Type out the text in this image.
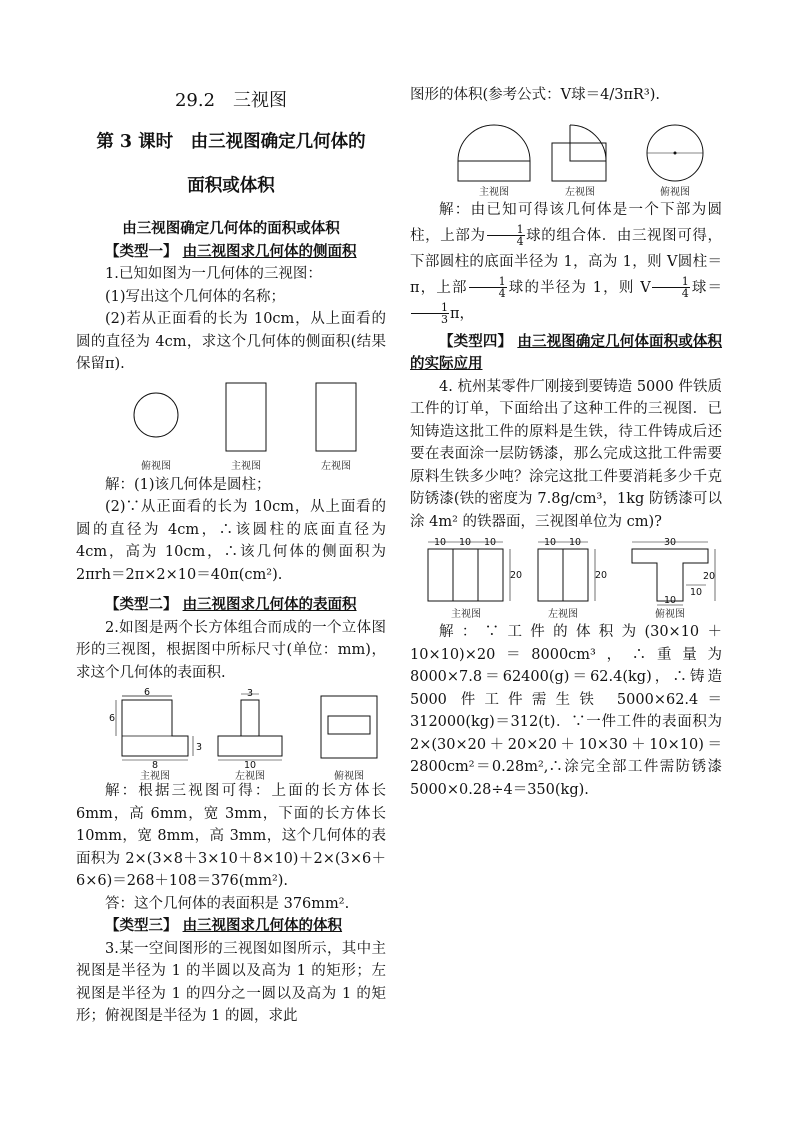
29.2　三视图
第 3 课时　由三视图确定几何体的
面积或体积

由三视图确定几何体的面积或体积

【类型一】 由三视图求几何体的侧面积

1.已知如图为一几何体的三视图：

(1)写出这个几何体的名称；

(2)若从正面看的长为 10cm，从上面看的圆的直径为 4cm，求这个几何体的侧面积(结果保留π).

俯视图	主视图	左视图

解：(1)该几何体是圆柱；

(2)∵从正面看的长为 10cm，从上面看的圆的直径为 4cm，∴该圆柱的底面直径为 4cm，高为 10cm，∴该几何体的侧面积为 2πrh＝2π×2×10＝40π(cm²).

【类型二】 由三视图求几何体的表面积

2.如图是两个长方体组合而成的一个立体图形的三视图，根据图中所标尺寸(单位：mm)，求这个几何体的表面积.

6
6
3
8
主视图
3
10
左视图	俯视图

解：根据三视图可得：上面的长方体长 6mm，高 6mm，宽 3mm，下面的长方体长 10mm，宽 8mm，高 3mm，这个几何体的表面积为 2×(3×8＋3×10＋8×10)＋2×(3×6＋6×6)＝268＋108＝376(mm²).

答：这个几何体的表面积是 376mm².

【类型三】 由三视图求几何体的体积

3.某一空间图形的三视图如图所示，其中主视图是半径为 1 的半圆以及高为 1 的矩形；左视图是半径为 1 的四分之一圆以及高为 1 的矩形；俯视图是半径为 1 的圆，求此

图形的体积(参考公式：V球＝4/3πR³).

主视图	左视图	俯视图

解：由已知可得该几何体是一个下部为圆柱，上部为 $\frac{1}{4}$ 球的组合体．由三视图可得，下部圆柱的底面半径为 1，高为 1，则 V圆柱＝π，上部 $\frac{1}{4}$ 球的半径为 1，则 V $\frac{1}{4}$ 球＝
$\frac{1}{3}$ π，

【类型四】 由三视图确定几何体面积或体积的实际应用

4. 杭州某零件厂刚接到要铸造 5000 件铁质工件的订单，下面给出了这种工件的三视图．已知铸造这批工件的原料是生铁，待工件铸成后还要在表面涂一层防锈漆，那么完成这批工件需要原料生铁多少吨？涂完这批工件要消耗多少千克防锈漆(铁的密度为 7.8g/cm³，1kg 防锈漆可以涂 4m² 的铁器面，三视图单位为 cm)?

10 10 10
20
主视图
10 10
20
左视图
30
20
10
10
俯视图

解：∵工件的体积为(30×10＋10×10)×20＝8000cm³，∴重量为 8000×7.8＝62400(g)＝62.4(kg)，∴铸造 5000 件工件需生铁 5000×62.4＝312000(kg)＝312(t)．∵一件工件的表面积为 2×(30×20＋20×20＋10×30＋10×10)＝2800cm²＝0.28m²,∴涂完全部工件需防锈漆 5000×0.28÷4＝350(kg).
